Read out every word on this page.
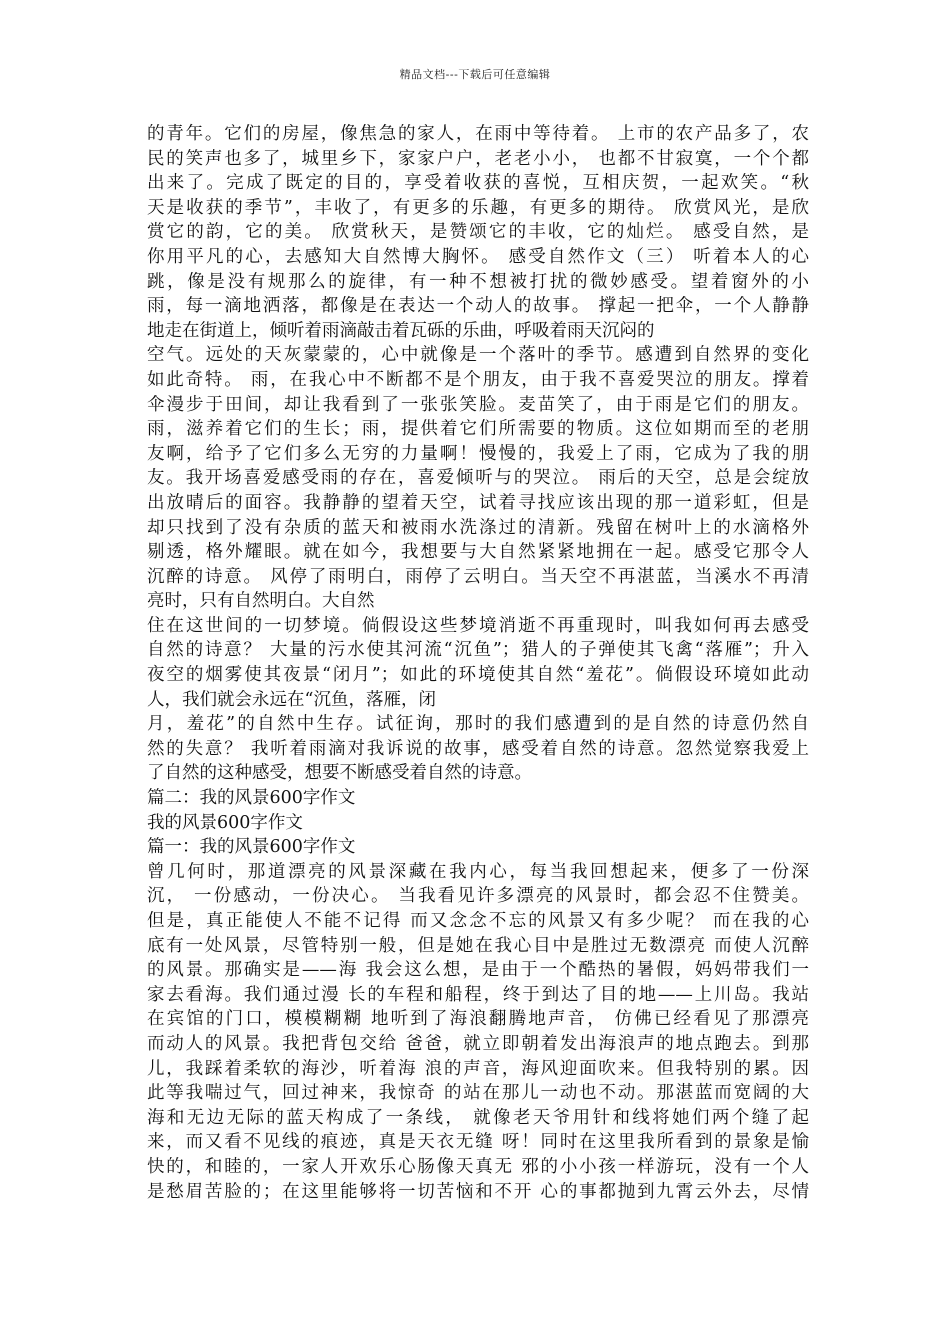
精品文档---下载后可任意编辑
的青年。它们的房屋，像焦急的家人，在雨中等待着。 上市的农产品多了，农
民的笑声也多了，城里乡下，家家户户，老老小小， 也都不甘寂寞，一个个都
出来了。完成了既定的目的，享受着收获的喜悦，互相庆贺，一起欢笑。“秋
天是收获的季节”，丰收了，有更多的乐趣，有更多的期待。 欣赏风光，是欣
赏它的韵，它的美。 欣赏秋天，是赞颂它的丰收，它的灿烂。 感受自然，是
你用平凡的心，去感知大自然博大胸怀。 感受自然作文（三） 听着本人的心
跳，像是没有规那么的旋律，有一种不想被打扰的微妙感受。望着窗外的小
雨，每一滴地洒落，都像是在表达一个动人的故事。 撑起一把伞，一个人静静
地走在街道上，倾听着雨滴敲击着瓦砾的乐曲，呼吸着雨天沉闷的
空气。远处的天灰蒙蒙的，心中就像是一个落叶的季节。感遭到自然界的变化
如此奇特。 雨，在我心中不断都不是个朋友，由于我不喜爱哭泣的朋友。撑着
伞漫步于田间，却让我看到了一张张笑脸。麦苗笑了，由于雨是它们的朋友。
雨，滋养着它们的生长；雨，提供着它们所需要的物质。这位如期而至的老朋
友啊，给予了它们多么无穷的力量啊！慢慢的，我爱上了雨，它成为了我的朋
友。我开场喜爱感受雨的存在，喜爱倾听与的哭泣。 雨后的天空，总是会绽放
出放晴后的面容。我静静的望着天空，试着寻找应该出现的那一道彩虹，但是
却只找到了没有杂质的蓝天和被雨水洗涤过的清新。残留在树叶上的水滴格外
剔透，格外耀眼。就在如今，我想要与大自然紧紧地拥在一起。感受它那令人
沉醉的诗意。 风停了雨明白，雨停了云明白。当天空不再湛蓝，当溪水不再清
亮时，只有自然明白。大自然
住在这世间的一切梦境。倘假设这些梦境消逝不再重现时，叫我如何再去感受
自然的诗意？ 大量的污水使其河流“沉鱼”；猎人的子弹使其飞禽“落雁”；升入
夜空的烟雾使其夜景“闭月”；如此的环境使其自然“羞花”。倘假设环境如此动
人，我们就会永远在“沉鱼，落雁，闭
月，羞花”的自然中生存。试征询，那时的我们感遭到的是自然的诗意仍然自
然的失意？ 我听着雨滴对我诉说的故事，感受着自然的诗意。忽然觉察我爱上
了自然的这种感受，想要不断感受着自然的诗意。
篇二：我的风景600字作文
我的风景600字作文
篇一：我的风景600字作文
曾几何时，那道漂亮的风景深藏在我内心，每当我回想起来，便多了一份深
沉， 一份感动，一份决心。 当我看见许多漂亮的风景时，都会忍不住赞美。
但是，真正能使人不能不记得 而又念念不忘的风景又有多少呢？ 而在我的心
底有一处风景，尽管特别一般，但是她在我心目中是胜过无数漂亮 而使人沉醉
的风景。那确实是——海 我会这么想，是由于一个酷热的暑假，妈妈带我们一
家去看海。我们通过漫 长的车程和船程，终于到达了目的地——上川岛。我站
在宾馆的门口，模模糊糊 地听到了海浪翻腾地声音， 仿佛已经看见了那漂亮
而动人的风景。我把背包交给 爸爸，就立即朝着发出海浪声的地点跑去。到那
儿，我踩着柔软的海沙，听着海 浪的声音，海风迎面吹来。但我特别的累。因
此等我喘过气，回过神来，我惊奇 的站在那儿一动也不动。那湛蓝而宽阔的大
海和无边无际的蓝天构成了一条线， 就像老天爷用针和线将她们两个缝了起
来，而又看不见线的痕迹，真是天衣无缝 呀！同时在这里我所看到的景象是愉
快的，和睦的，一家人开欢乐心肠像天真无 邪的小小孩一样游玩，没有一个人
是愁眉苦脸的；在这里能够将一切苦恼和不开 心的事都抛到九霄云外去，尽情
